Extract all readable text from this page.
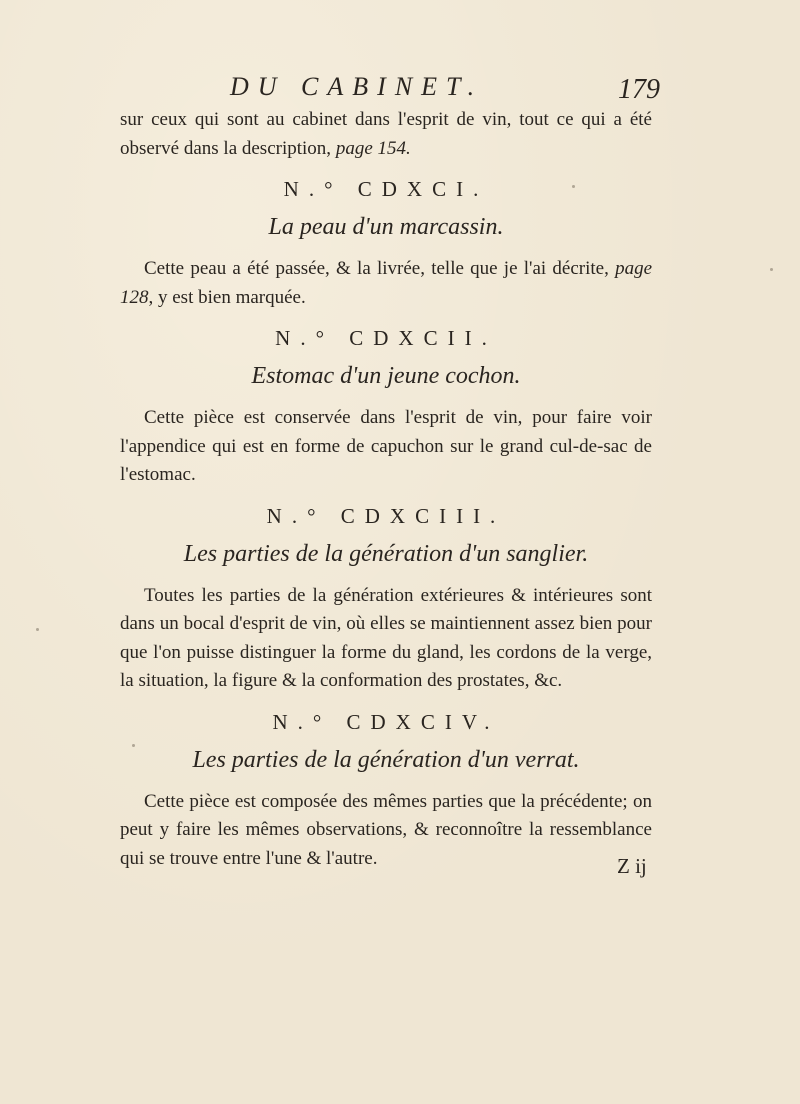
DU CABINET.	179

sur ceux qui sont au cabinet dans l'esprit de vin, tout ce qui a été observé dans la description, page 154.

N.° CDXCI.
La peau d'un marcassin.

Cette peau a été passée, & la livrée, telle que je l'ai décrite, page 128, y est bien marquée.

N.° CDXCII.
Estomac d'un jeune cochon.

Cette pièce est conservée dans l'esprit de vin, pour faire voir l'appendice qui est en forme de capuchon sur le grand cul-de-sac de l'estomac.

N.° CDXCIII.
Les parties de la génération d'un sanglier.

Toutes les parties de la génération extérieures & intérieures sont dans un bocal d'esprit de vin, où elles se maintiennent assez bien pour que l'on puisse distinguer la forme du gland, les cordons de la verge, la situation, la figure & la conformation des prostates, &c.

N.° CDXCIV.
Les parties de la génération d'un verrat.

Cette pièce est composée des mêmes parties que la précédente; on peut y faire les mêmes observations, & reconnoître la ressemblance qui se trouve entre l'une & l'autre.	Z ij
